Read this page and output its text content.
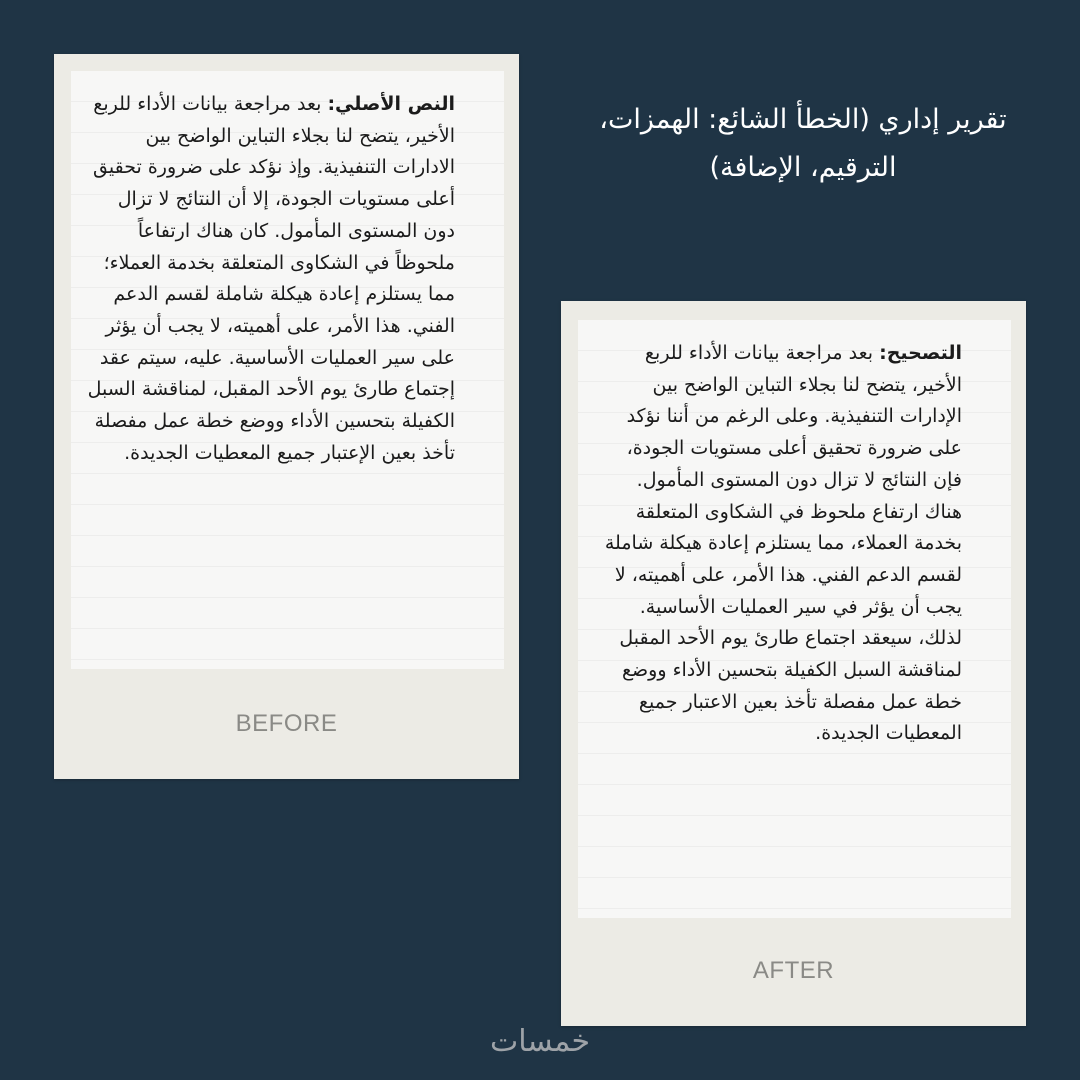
تقرير إداري (الخطأ الشائع: الهمزات،
الترقيم، الإضافة)
النص الأصلي: بعد مراجعة بيانات الأداء للربع الأخير، يتضح لنا بجلاء التباين الواضح بين الادارات التنفيذية. وإذ نؤكد على ضرورة تحقيق أعلى مستويات الجودة، إلا أن النتائج لا تزال دون المستوى المأمول. كان هناك ارتفاعاً ملحوظاً في الشكاوى المتعلقة بخدمة العملاء؛ مما يستلزم إعادة هيكلة شاملة لقسم الدعم الفني. هذا الأمر، على أهميته، لا يجب أن يؤثر على سير العمليات الأساسية. عليه، سيتم عقد إجتماع طارئ يوم الأحد المقبل، لمناقشة السبل الكفيلة بتحسين الأداء ووضع خطة عمل مفصلة تأخذ بعين الإعتبار جميع المعطيات الجديدة.
BEFORE
التصحيح: بعد مراجعة بيانات الأداء للربع الأخير، يتضح لنا بجلاء التباين الواضح بين الإدارات التنفيذية. وعلى الرغم من أننا نؤكد على ضرورة تحقيق أعلى مستويات الجودة، فإن النتائج لا تزال دون المستوى المأمول. هناك ارتفاع ملحوظ في الشكاوى المتعلقة بخدمة العملاء، مما يستلزم إعادة هيكلة شاملة لقسم الدعم الفني. هذا الأمر، على أهميته، لا يجب أن يؤثر في سير العمليات الأساسية. لذلك، سيعقد اجتماع طارئ يوم الأحد المقبل لمناقشة السبل الكفيلة بتحسين الأداء ووضع خطة عمل مفصلة تأخذ بعين الاعتبار جميع المعطيات الجديدة.
AFTER
خمسات
